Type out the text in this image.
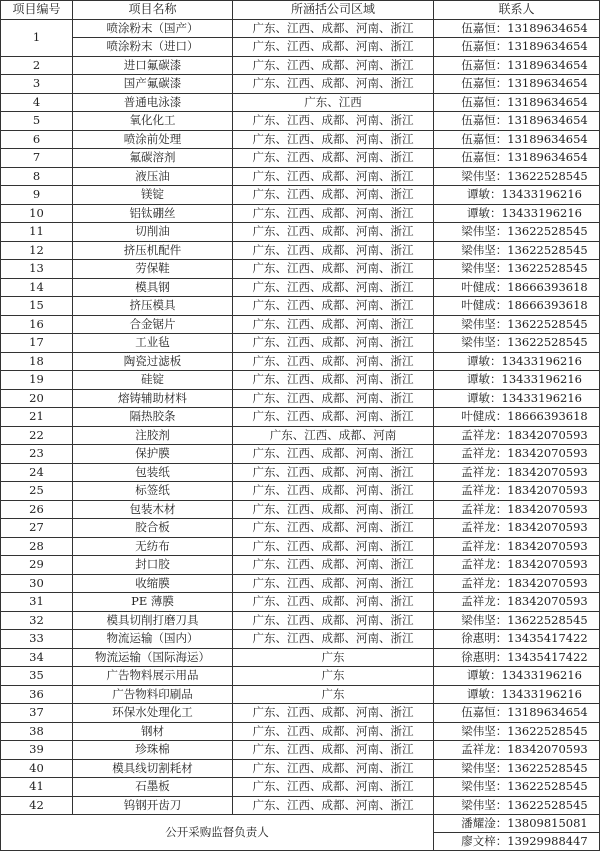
项目编号	项目名称	所涵括公司区域	联系人
1	喷涂粉末（国产）	广东、江西、成都、河南、浙江	伍嘉恒：13189634654
	喷涂粉末（进口）	广东、江西、成都、河南、浙江	伍嘉恒：13189634654
2	进口氟碳漆	广东、江西、成都、河南、浙江	伍嘉恒：13189634654
3	国产氟碳漆	广东、江西、成都、河南、浙江	伍嘉恒：13189634654
4	普通电泳漆	广东、江西	伍嘉恒：13189634654
5	氧化化工	广东、江西、成都、河南、浙江	伍嘉恒：13189634654
6	喷涂前处理	广东、江西、成都、河南、浙江	伍嘉恒：13189634654
7	氟碳溶剂	广东、江西、成都、河南、浙江	伍嘉恒：13189634654
8	液压油	广东、江西、成都、河南、浙江	梁伟坚：13622528545
9	镁锭	广东、江西、成都、河南、浙江	谭敏：13433196216
10	铝钛硼丝	广东、江西、成都、河南、浙江	谭敏：13433196216
11	切削油	广东、江西、成都、河南、浙江	梁伟坚：13622528545
12	挤压机配件	广东、江西、成都、河南、浙江	梁伟坚：13622528545
13	劳保鞋	广东、江西、成都、河南、浙江	梁伟坚：13622528545
14	模具钢	广东、江西、成都、河南、浙江	叶健成：18666393618
15	挤压模具	广东、江西、成都、河南、浙江	叶健成：18666393618
16	合金锯片	广东、江西、成都、河南、浙江	梁伟坚：13622528545
17	工业毡	广东、江西、成都、河南、浙江	梁伟坚：13622528545
18	陶瓷过滤板	广东、江西、成都、河南、浙江	谭敏：13433196216
19	硅锭	广东、江西、成都、河南、浙江	谭敏：13433196216
20	熔铸辅助材料	广东、江西、成都、河南、浙江	谭敏：13433196216
21	隔热胶条	广东、江西、成都、河南、浙江	叶健成：18666393618
22	注胶剂	广东、江西、成都、河南	孟祥龙：18342070593
23	保护膜	广东、江西、成都、河南、浙江	孟祥龙：18342070593
24	包装纸	广东、江西、成都、河南、浙江	孟祥龙：18342070593
25	标签纸	广东、江西、成都、河南、浙江	孟祥龙：18342070593
26	包装木材	广东、江西、成都、河南、浙江	孟祥龙：18342070593
27	胶合板	广东、江西、成都、河南、浙江	孟祥龙：18342070593
28	无纺布	广东、江西、成都、河南、浙江	孟祥龙：18342070593
29	封口胶	广东、江西、成都、河南、浙江	孟祥龙：18342070593
30	收缩膜	广东、江西、成都、河南、浙江	孟祥龙：18342070593
31	PE 薄膜	广东、江西、成都、河南、浙江	孟祥龙：18342070593
32	模具切削打磨刀具	广东、江西、成都、河南、浙江	梁伟坚：13622528545
33	物流运输（国内）	广东、江西、成都、河南、浙江	徐惠明：13435417422
34	物流运输（国际海运）	广东	徐惠明：13435417422
35	广告物料展示用品	广东	谭敏：13433196216
36	广告物料印刷品	广东	谭敏：13433196216
37	环保水处理化工	广东、江西、成都、河南、浙江	伍嘉恒：13189634654
38	钢材	广东、江西、成都、河南、浙江	梁伟坚：13622528545
39	珍珠棉	广东、江西、成都、河南、浙江	孟祥龙：18342070593
40	模具线切割耗材	广东、江西、成都、河南、浙江	梁伟坚：13622528545
41	石墨板	广东、江西、成都、河南、浙江	梁伟坚：13622528545
42	钨钢开齿刀	广东、江西、成都、河南、浙江	梁伟坚：13622528545
公开采购监督负责人			潘耀淦：13809815081
			廖文梓：13929988447
